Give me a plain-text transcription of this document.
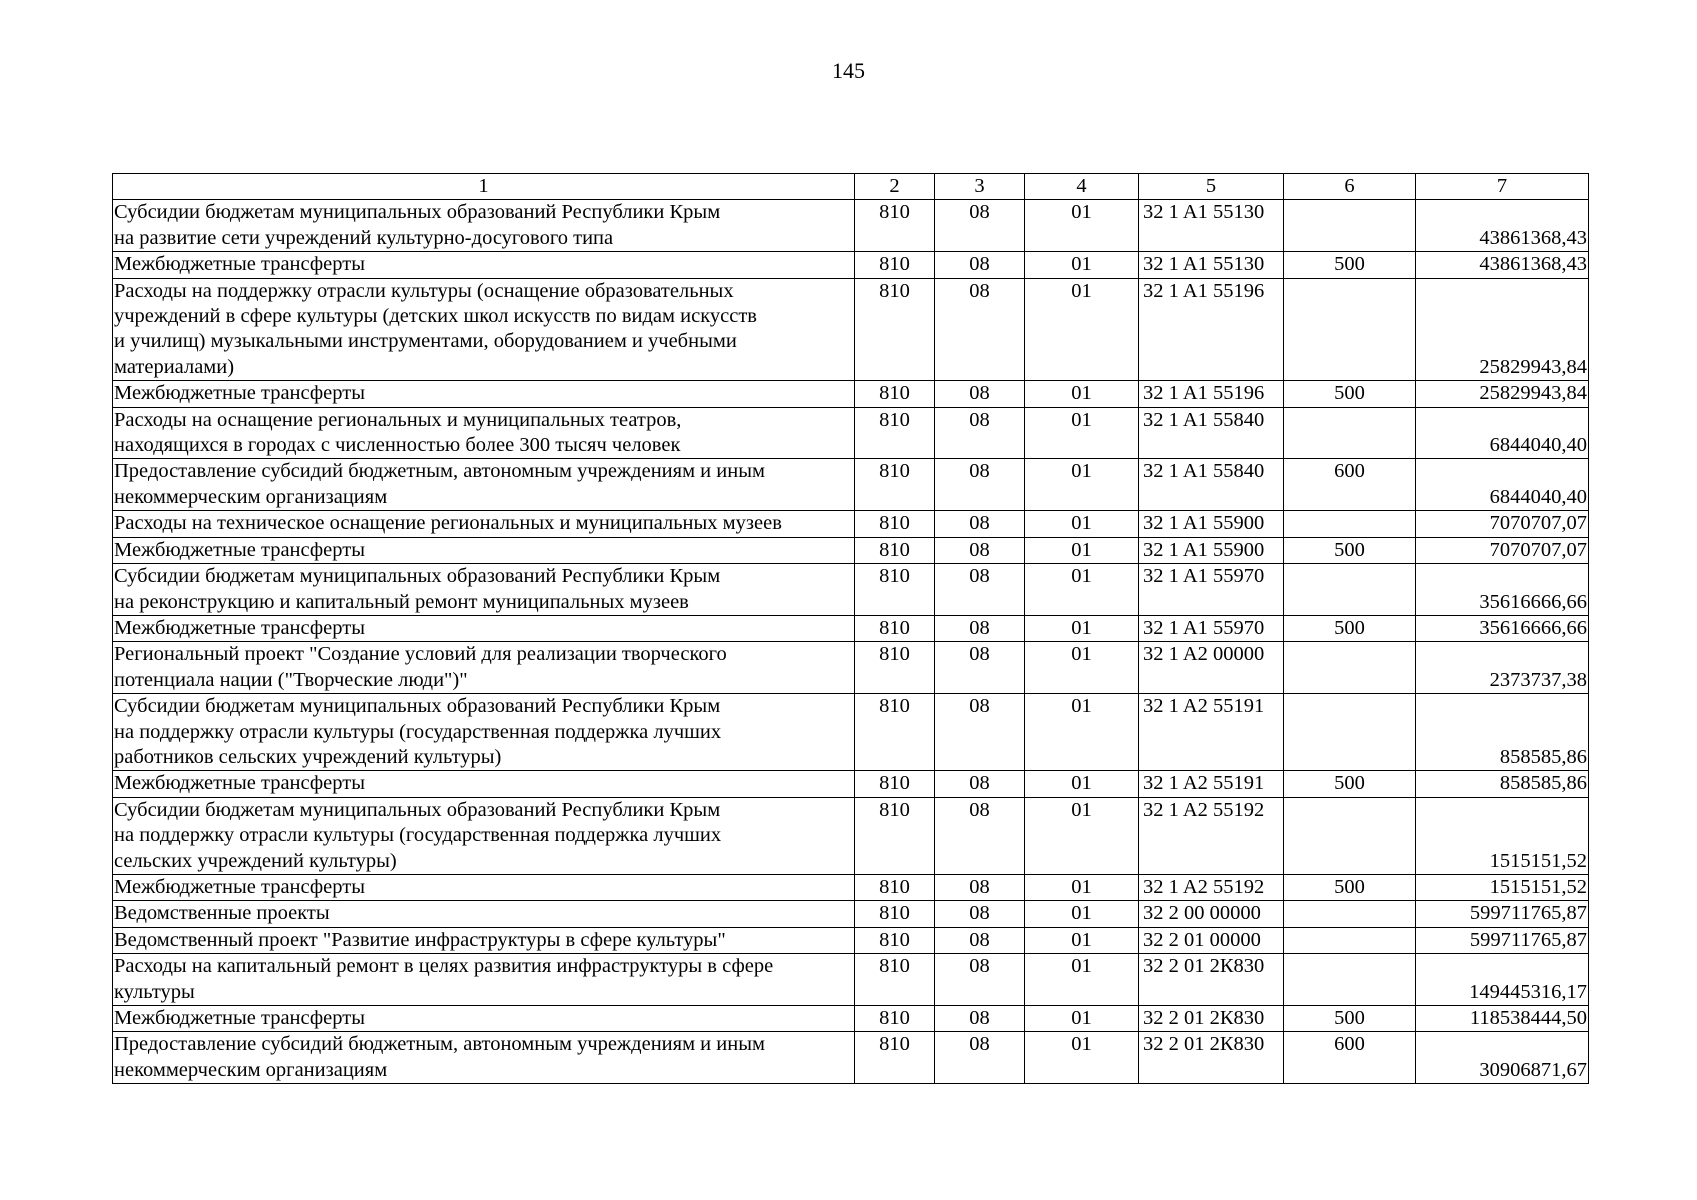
145
1	2	3	4	5	6	7

Субсидии бюджетам муниципальных образований Республики Крым
на развитие сети учреждений культурно-досугового типа	810	08	01	32 1 A1 55130		43861368,43

Межбюджетные трансферты	810	08	01	32 1 A1 55130	500	43861368,43

Расходы на поддержку отрасли культуры (оснащение образовательных
учреждений в сфере культуры (детских школ искусств по видам искусств
и училищ) музыкальными инструментами, оборудованием и учебными
материалами)	810	08	01	32 1 A1 55196		25829943,84

Межбюджетные трансферты	810	08	01	32 1 A1 55196	500	25829943,84

Расходы на оснащение региональных и муниципальных театров,
находящихся в городах с численностью более 300 тысяч человек	810	08	01	32 1 A1 55840		6844040,40

Предоставление субсидий бюджетным, автономным учреждениям и иным
некоммерческим организациям	810	08	01	32 1 A1 55840	600	6844040,40

Расходы на техническое оснащение региональных и муниципальных музеев	810	08	01	32 1 A1 55900		7070707,07

Межбюджетные трансферты	810	08	01	32 1 A1 55900	500	7070707,07

Субсидии бюджетам муниципальных образований Республики Крым
на реконструкцию и капитальный ремонт муниципальных музеев	810	08	01	32 1 A1 55970		35616666,66

Межбюджетные трансферты	810	08	01	32 1 A1 55970	500	35616666,66

Региональный проект "Создание условий для реализации творческого
потенциала нации ("Творческие люди")"	810	08	01	32 1 A2 00000		2373737,38

Субсидии бюджетам муниципальных образований Республики Крым
на поддержку отрасли культуры (государственная поддержка лучших
работников сельских учреждений культуры)	810	08	01	32 1 A2 55191		858585,86

Межбюджетные трансферты	810	08	01	32 1 A2 55191	500	858585,86

Субсидии бюджетам муниципальных образований Республики Крым
на поддержку отрасли культуры (государственная поддержка лучших
сельских учреждений культуры)	810	08	01	32 1 A2 55192		1515151,52

Межбюджетные трансферты	810	08	01	32 1 A2 55192	500	1515151,52

Ведомственные проекты	810	08	01	32 2 00 00000		599711765,87

Ведомственный проект "Развитие инфраструктуры в сфере культуры"	810	08	01	32 2 01 00000		599711765,87

Расходы на капитальный ремонт в целях развития инфраструктуры в сфере
культуры	810	08	01	32 2 01 2К830		149445316,17

Межбюджетные трансферты	810	08	01	32 2 01 2К830	500	118538444,50

Предоставление субсидий бюджетным, автономным учреждениям и иным
некоммерческим организациям	810	08	01	32 2 01 2К830	600	30906871,67
